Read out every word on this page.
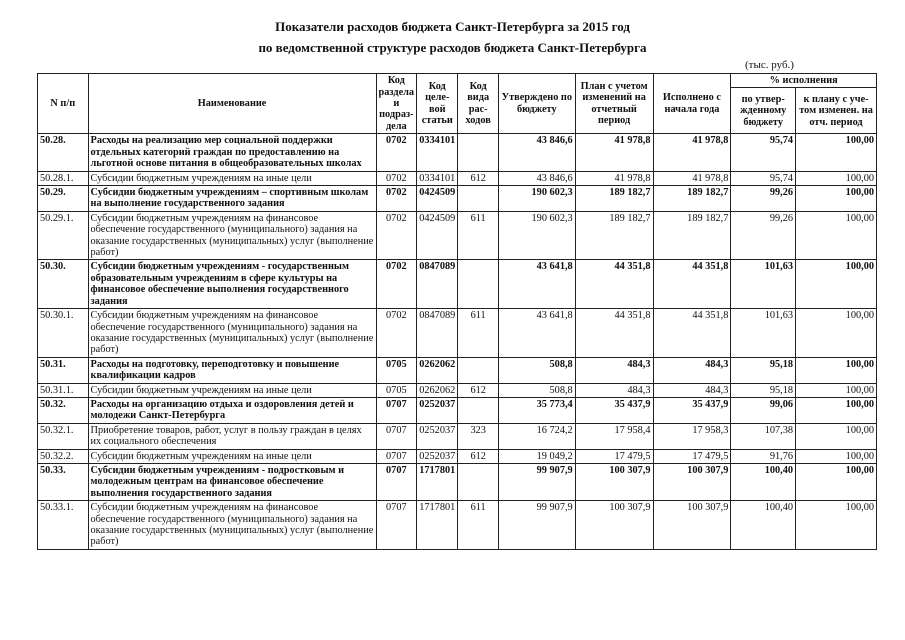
Показатели расходов бюджета Санкт-Петербурга за 2015 год
по ведомственной структуре расходов бюджета Санкт-Петербурга
(тыс. руб.)
N п/п	Наименование	Код раздела и подраз-дела	Код целе-вой статьи	Код вида рас-ходов	Утверждено по бюджету	План с учетом изменений на отчетный период	Исполнено с начала года	% исполнения	
								по утвер-жденному бюджету	к плану с уче-том изменен. на отч. период
50.28.	Расходы на реализацию мер социальной поддержки отдельных категорий граждан по предоставлению на льготной основе питания в общеобразовательных школах	0702	0334101		43 846,6	41 978,8	41 978,8	95,74	100,00
50.28.1.	Субсидии бюджетным учреждениям на иные цели	0702	0334101	612	43 846,6	41 978,8	41 978,8	95,74	100,00
50.29.	Субсидии бюджетным учреждениям – спортивным школам на выполнение государственного задания	0702	0424509		190 602,3	189 182,7	189 182,7	99,26	100,00
50.29.1.	Субсидии бюджетным учреждениям на финансовое обеспечение государственного (муниципального) задания на оказание государственных (муниципальных) услуг (выполнение работ)	0702	0424509	611	190 602,3	189 182,7	189 182,7	99,26	100,00
50.30.	Субсидии бюджетным учреждениям - государственным образовательным учреждениям в сфере культуры на финансовое обеспечение выполнения государственного задания	0702	0847089		43 641,8	44 351,8	44 351,8	101,63	100,00
50.30.1.	Субсидии бюджетным учреждениям на финансовое обеспечение государственного (муниципального) задания на оказание государственных (муниципальных) услуг (выполнение работ)	0702	0847089	611	43 641,8	44 351,8	44 351,8	101,63	100,00
50.31.	Расходы на подготовку, переподготовку и повышение квалификации кадров	0705	0262062		508,8	484,3	484,3	95,18	100,00
50.31.1.	Субсидии бюджетным учреждениям на иные цели	0705	0262062	612	508,8	484,3	484,3	95,18	100,00
50.32.	Расходы на организацию отдыха и оздоровления детей и молодежи Санкт-Петербурга	0707	0252037		35 773,4	35 437,9	35 437,9	99,06	100,00
50.32.1.	Приобретение товаров, работ, услуг в пользу граждан в целях их социального обеспечения	0707	0252037	323	16 724,2	17 958,4	17 958,3	107,38	100,00
50.32.2.	Субсидии бюджетным учреждениям на иные цели	0707	0252037	612	19 049,2	17 479,5	17 479,5	91,76	100,00
50.33.	Субсидии бюджетным учреждениям - подростковым и молодежным центрам на финансовое обеспечение выполнения государственного задания	0707	1717801		99 907,9	100 307,9	100 307,9	100,40	100,00
50.33.1.	Субсидии бюджетным учреждениям на финансовое обеспечение государственного (муниципального) задания на оказание государственных (муниципальных) услуг (выполнение работ)	0707	1717801	611	99 907,9	100 307,9	100 307,9	100,40	100,00
